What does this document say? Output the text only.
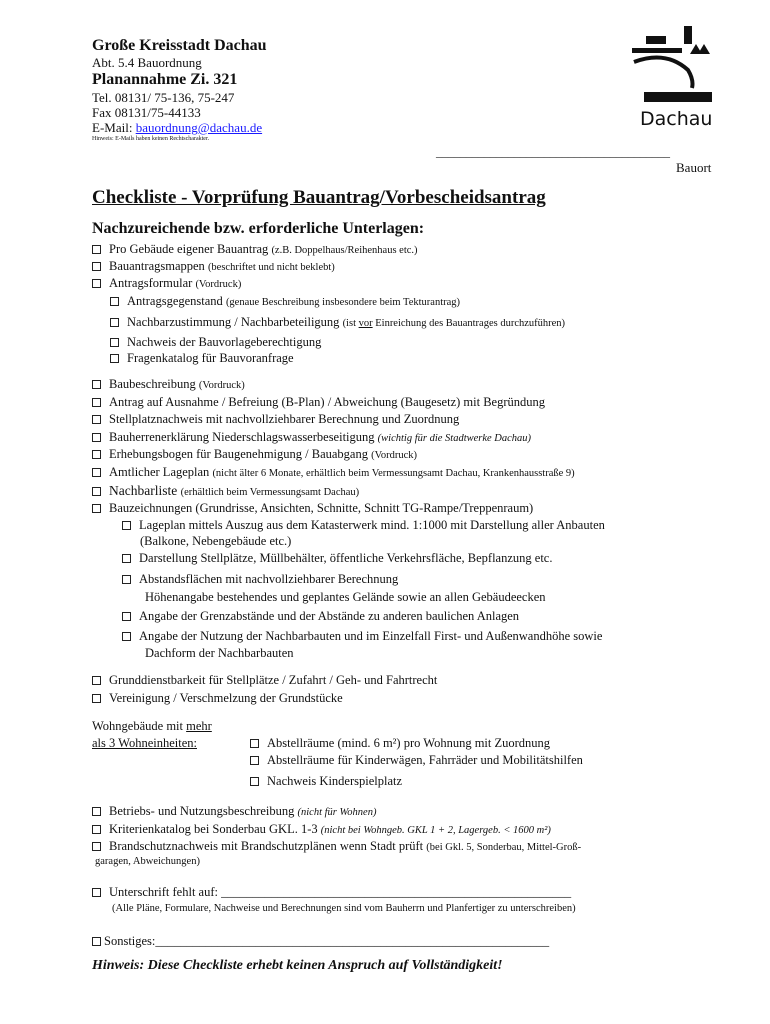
Große Kreisstadt Dachau
Abt. 5.4 Bauordnung
Planannahme Zi. 321
Tel. 08131/ 75-136, 75-247
Fax 08131/75-44133
E-Mail: bauordnung@dachau.de
Hinweis: E-Mails haben keinen Rechtscharakter.
Dachau
_______________________________________
Bauort
Checkliste - Vorprüfung Bauantrag/Vorbescheidsantrag
Nachzureichende bzw. erforderliche Unterlagen:
Pro Gebäude eigener Bauantrag (z.B. Doppelhaus/Reihenhaus etc.)
Bauantragsmappen (beschriftet und nicht beklebt)
Antragsformular (Vordruck)
Antragsgegenstand (genaue Beschreibung insbesondere beim Tekturantrag)
Nachbarzustimmung / Nachbarbeteiligung (ist vor Einreichung des Bauantrages durchzuführen)
Nachweis der Bauvorlageberechtigung
Fragenkatalog für Bauvoranfrage
Baubeschreibung (Vordruck)
Antrag auf Ausnahme / Befreiung (B-Plan) / Abweichung (Baugesetz) mit Begründung
Stellplatznachweis mit nachvollziehbarer Berechnung und Zuordnung
Bauherrenerklärung Niederschlagswasserbeseitigung (wichtig für die Stadtwerke Dachau)
Erhebungsbogen für Baugenehmigung / Bauabgang (Vordruck)
Amtlicher Lageplan (nicht älter 6 Monate, erhältlich beim Vermessungsamt Dachau, Krankenhausstraße 9)
Nachbarliste (erhältlich beim Vermessungsamt Dachau)
Bauzeichnungen (Grundrisse, Ansichten, Schnitte, Schnitt TG-Rampe/Treppenraum)
Lageplan mittels Auszug aus dem Katasterwerk mind. 1:1000 mit Darstellung aller Anbauten
(Balkone, Nebengebäude etc.)
Darstellung Stellplätze, Müllbehälter, öffentliche Verkehrsfläche, Bepflanzung etc.
Abstandsflächen mit nachvollziehbarer Berechnung
Höhenangabe bestehendes und geplantes Gelände sowie an allen Gebäudeecken
Angabe der Grenzabstände und der Abstände zu anderen baulichen Anlagen
Angabe der Nutzung der Nachbarbauten und im Einzelfall First- und Außenwandhöhe sowie
Dachform der Nachbarbauten
Grunddienstbarkeit für Stellplätze / Zufahrt / Geh- und Fahrtrecht
Vereinigung / Verschmelzung der Grundstücke
Wohngebäude mit mehr
als 3 Wohneinheiten:	Abstellräume (mind. 6 m²) pro Wohnung mit Zuordnung
Abstellräume für Kinderwägen, Fahrräder und Mobilitätshilfen
Nachweis Kinderspielplatz
Betriebs- und Nutzungsbeschreibung (nicht für Wohnen)
Kriterienkatalog bei Sonderbau GKL. 1-3 (nicht bei Wohngeb. GKL 1 + 2, Lagergeb. < 1600 m²)
Brandschutznachweis mit Brandschutzplänen wenn Stadt prüft (bei Gkl. 5, Sonderbau, Mittel-Groß-
garagen, Abweichungen)
Unterschrift fehlt auf: ________________________________________________________
(Alle Pläne, Formulare, Nachweise und Berechnungen sind vom Bauherrn und Planfertiger zu unterschreiben)
Sonstiges:_______________________________________________________________
Hinweis: Diese Checkliste erhebt keinen Anspruch auf Vollständigkeit!
